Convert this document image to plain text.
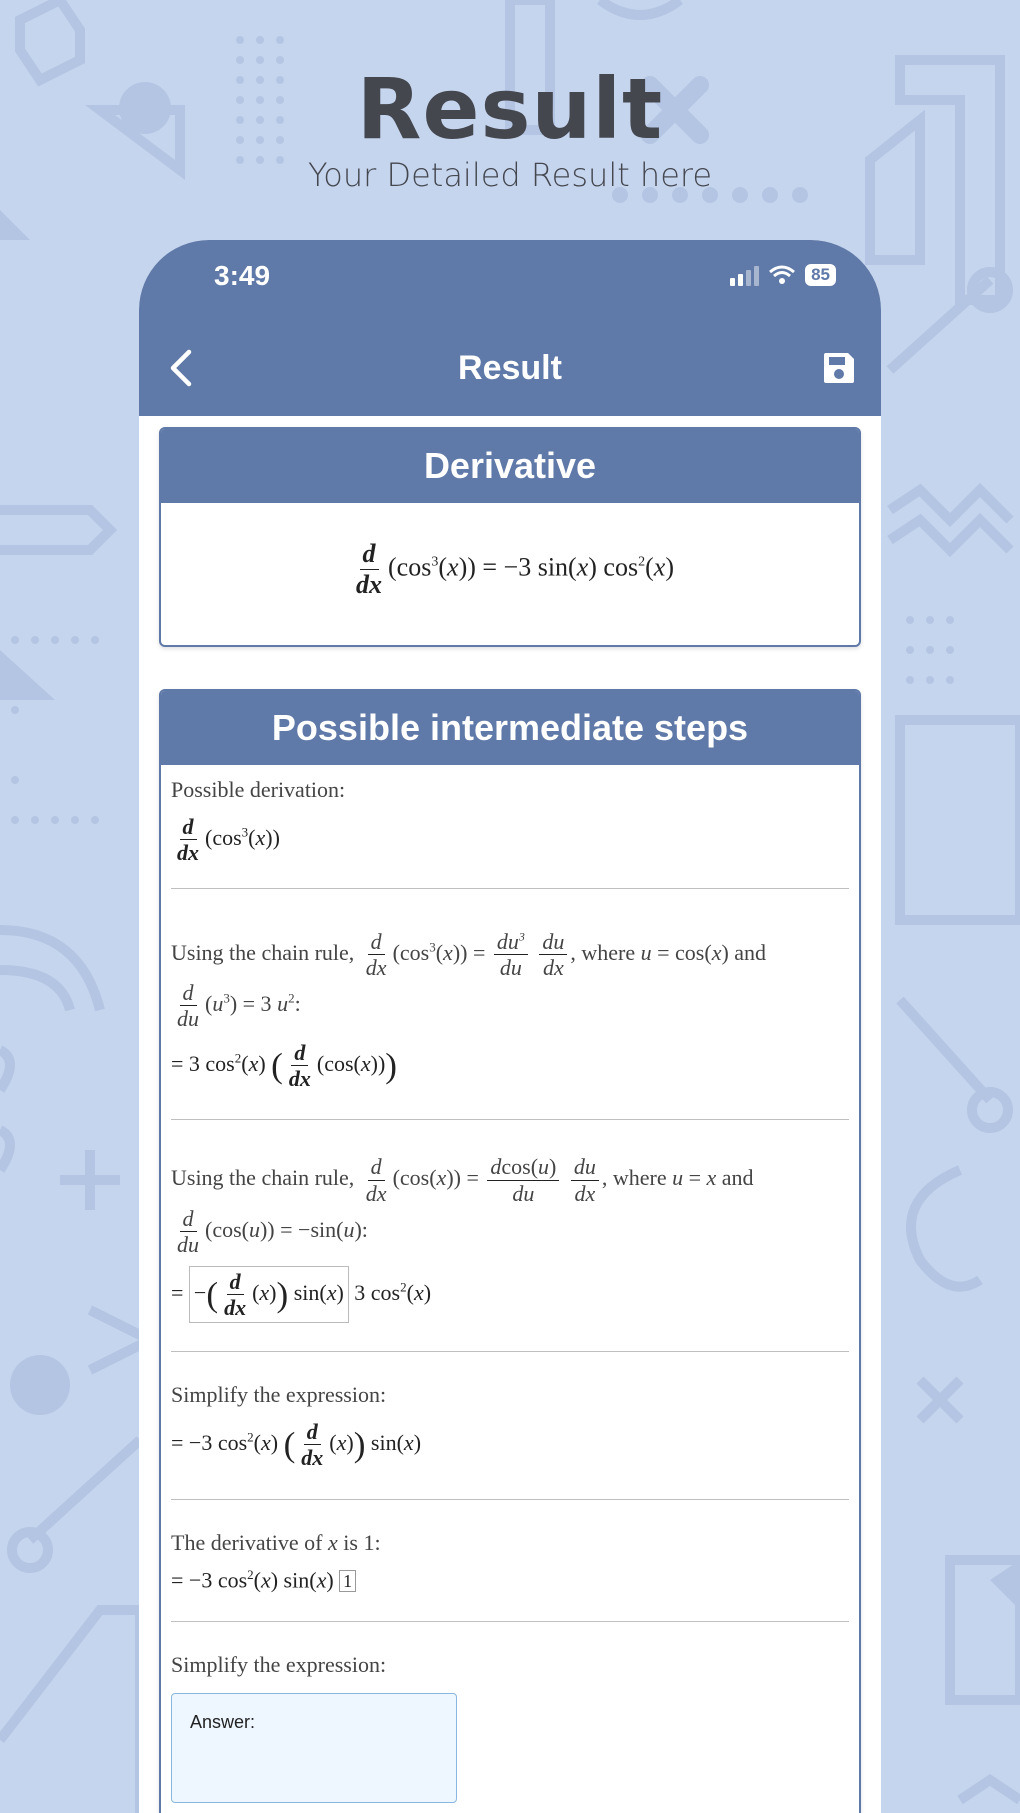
Result
Your Detailed Result here
3:49	85
Result
Derivative
$\frac{d}{dx} (\cos^3(x)) = -3$ sin(x) $\cos^2(x)$
Possible intermediate steps
Possible derivation:
$\frac{d}{dx} (\cos^3(x))$
Using the chain rule, $\frac{d}{dx} (\cos^3(x)) = \frac{du^3}{du}$
$\frac{du}{dx}$ , where u = cos(x) and

$\frac{d}{du} (u^3) = 3$ $u^2$:
= 3 $\cos^2(x)$ ( $\frac{d}{dx} (\cos(x))$)
Using the chain rule, $\frac{d}{dx} (\cos(x)) = \frac{dcos(u)}{du}$
$\frac{du}{dx}$ , where u = x and

$\frac{d}{du} (\cos(u)) = -\sin(u)$:
= −( $\frac{d}{dx} (x)$) sin(x) 3 $\cos^2(x)$
Simplify the expression:
= −3 $\cos^2(x)$ ( $\frac{d}{dx} (x)$) sin(x)
The derivative of x is 1:
= −3 $\cos^2(x)$ sin(x) 1
Simplify the expression:
Answer:
